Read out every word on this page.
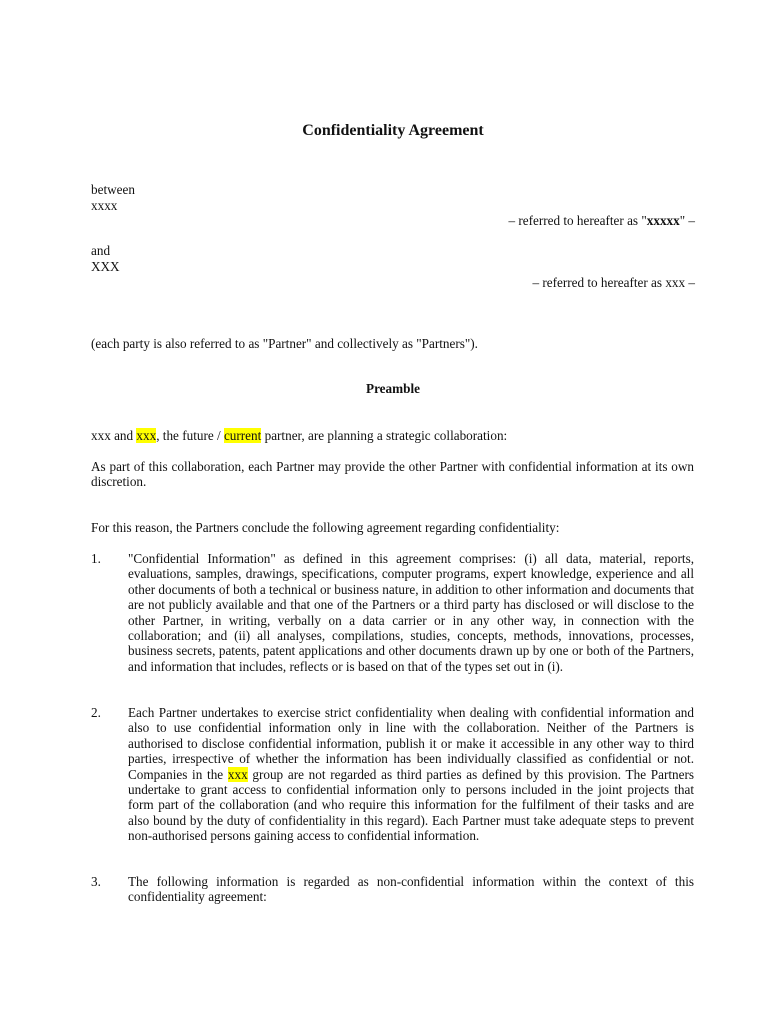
Confidentiality Agreement
between
xxxx
– referred to hereafter as "xxxxx" –
and
XXX
– referred to hereafter as xxx –
(each party is also referred to as "Partner" and collectively as "Partners").
Preamble
xxx and xxx, the future / current partner, are planning a strategic collaboration:
As part of this collaboration, each Partner may provide the other Partner with confidential information at its own discretion.
For this reason, the Partners conclude the following agreement regarding confidentiality:
1. "Confidential Information" as defined in this agreement comprises: (i) all data, material, reports, evaluations, samples, drawings, specifications, computer programs, expert knowledge, experience and all other documents of both a technical or business nature, in addition to other information and documents that are not publicly available and that one of the Partners or a third party has disclosed or will disclose to the other Partner, in writing, verbally on a data carrier or in any other way, in connection with the collaboration; and (ii) all analyses, compilations, studies, concepts, methods, innovations, processes, business secrets, patents, patent applications and other documents drawn up by one or both of the Partners, and information that includes, reflects or is based on that of the types set out in (i).
2. Each Partner undertakes to exercise strict confidentiality when dealing with confidential information and also to use confidential information only in line with the collaboration. Neither of the Partners is authorised to disclose confidential information, publish it or make it accessible in any other way to third parties, irrespective of whether the information has been individually classified as confidential or not. Companies in the xxx group are not regarded as third parties as defined by this provision. The Partners undertake to grant access to confidential information only to persons included in the joint projects that form part of the collaboration (and who require this information for the fulfilment of their tasks and are also bound by the duty of confidentiality in this regard). Each Partner must take adequate steps to prevent non-authorised persons gaining access to confidential information.
3. The following information is regarded as non-confidential information within the context of this confidentiality agreement:
